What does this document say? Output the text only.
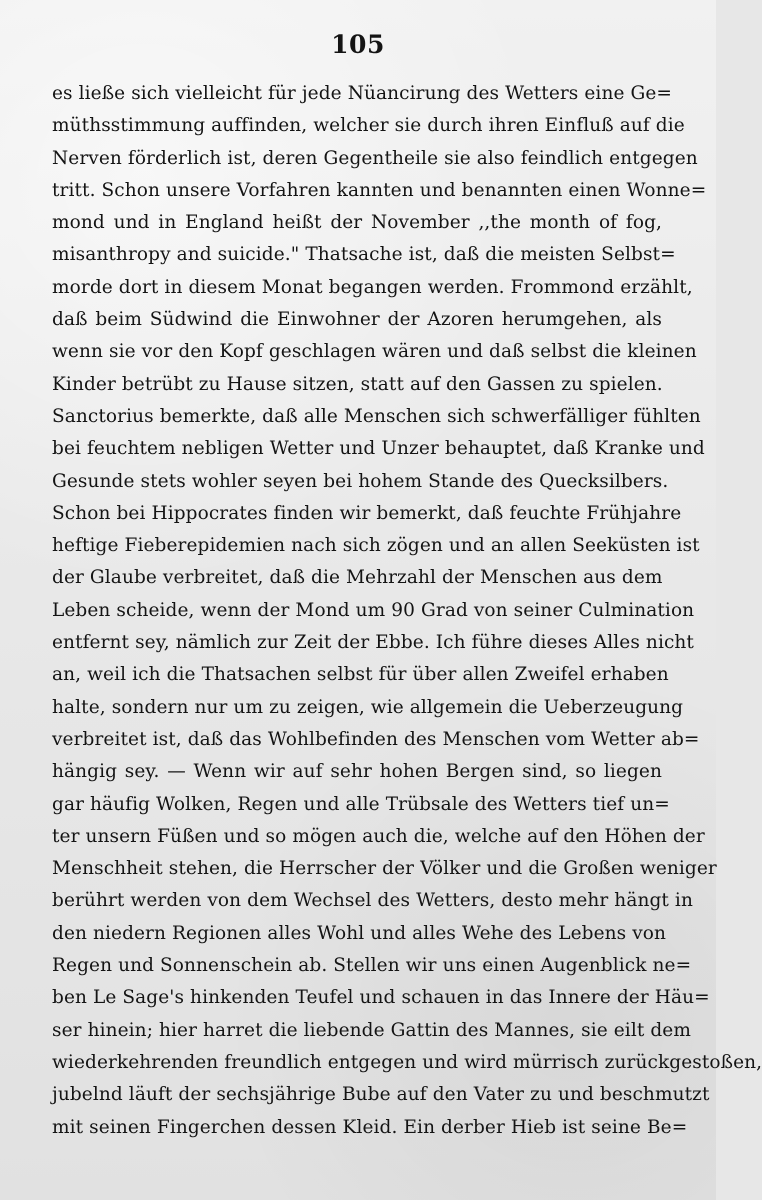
105
es ließe sich vielleicht für jede Nüancirung des Wetters eine Ge=
müthsstimmung auffinden, welcher sie durch ihren Einfluß auf die
Nerven förderlich ist, deren Gegentheile sie also feindlich entgegen
tritt. Schon unsere Vorfahren kannten und benannten einen Wonne=
mond und in England heißt der November ,,the month of fog,
misanthropy and suicide." Thatsache ist, daß die meisten Selbst=
morde dort in diesem Monat begangen werden. Frommond erzählt,
daß beim Südwind die Einwohner der Azoren herumgehen, als
wenn sie vor den Kopf geschlagen wären und daß selbst die kleinen
Kinder betrübt zu Hause sitzen, statt auf den Gassen zu spielen.
Sanctorius bemerkte, daß alle Menschen sich schwerfälliger fühlten
bei feuchtem nebligen Wetter und Unzer behauptet, daß Kranke und
Gesunde stets wohler seyen bei hohem Stande des Quecksilbers.
Schon bei Hippocrates finden wir bemerkt, daß feuchte Frühjahre
heftige Fieberepidemien nach sich zögen und an allen Seeküsten ist
der Glaube verbreitet, daß die Mehrzahl der Menschen aus dem
Leben scheide, wenn der Mond um 90 Grad von seiner Culmination
entfernt sey, nämlich zur Zeit der Ebbe. Ich führe dieses Alles nicht
an, weil ich die Thatsachen selbst für über allen Zweifel erhaben
halte, sondern nur um zu zeigen, wie allgemein die Ueberzeugung
verbreitet ist, daß das Wohlbefinden des Menschen vom Wetter ab=
hängig sey. — Wenn wir auf sehr hohen Bergen sind, so liegen
gar häufig Wolken, Regen und alle Trübsale des Wetters tief un=
ter unsern Füßen und so mögen auch die, welche auf den Höhen der
Menschheit stehen, die Herrscher der Völker und die Großen weniger
berührt werden von dem Wechsel des Wetters, desto mehr hängt in
den niedern Regionen alles Wohl und alles Wehe des Lebens von
Regen und Sonnenschein ab. Stellen wir uns einen Augenblick ne=
ben Le Sage's hinkenden Teufel und schauen in das Innere der Häu=
ser hinein; hier harret die liebende Gattin des Mannes, sie eilt dem
wiederkehrenden freundlich entgegen und wird mürrisch zurückgestoßen,
jubelnd läuft der sechsjährige Bube auf den Vater zu und beschmutzt
mit seinen Fingerchen dessen Kleid. Ein derber Hieb ist seine Be=
